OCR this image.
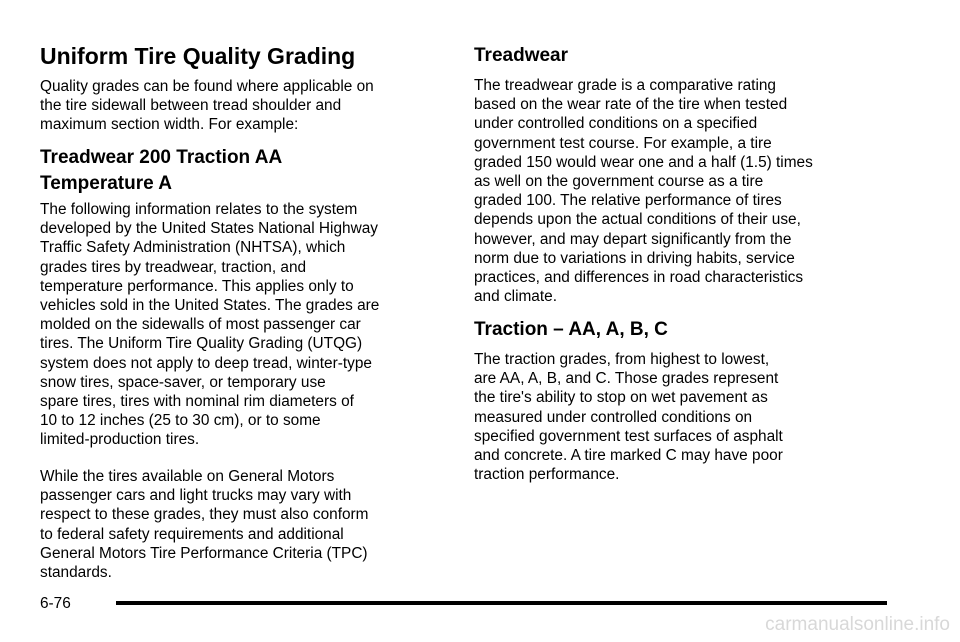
Uniform Tire Quality Grading

Quality grades can be found where applicable on
the tire sidewall between tread shoulder and
maximum section width. For example:

Treadwear 200 Traction AA
Temperature A

The following information relates to the system
developed by the United States National Highway
Traffic Safety Administration (NHTSA), which
grades tires by treadwear, traction, and
temperature performance. This applies only to
vehicles sold in the United States. The grades are
molded on the sidewalls of most passenger car
tires. The Uniform Tire Quality Grading (UTQG)
system does not apply to deep tread, winter-type
snow tires, space-saver, or temporary use
spare tires, tires with nominal rim diameters of
10 to 12 inches (25 to 30 cm), or to some
limited-production tires.

While the tires available on General Motors
passenger cars and light trucks may vary with
respect to these grades, they must also conform
to federal safety requirements and additional
General Motors Tire Performance Criteria (TPC)
standards.

Treadwear

The treadwear grade is a comparative rating
based on the wear rate of the tire when tested
under controlled conditions on a specified
government test course. For example, a tire
graded 150 would wear one and a half (1.5) times
as well on the government course as a tire
graded 100. The relative performance of tires
depends upon the actual conditions of their use,
however, and may depart significantly from the
norm due to variations in driving habits, service
practices, and differences in road characteristics
and climate.

Traction – AA, A, B, C

The traction grades, from highest to lowest,
are AA, A, B, and C. Those grades represent
the tire's ability to stop on wet pavement as
measured under controlled conditions on
specified government test surfaces of asphalt
and concrete. A tire marked C may have poor
traction performance.

6-76
carmanualsonline.info
